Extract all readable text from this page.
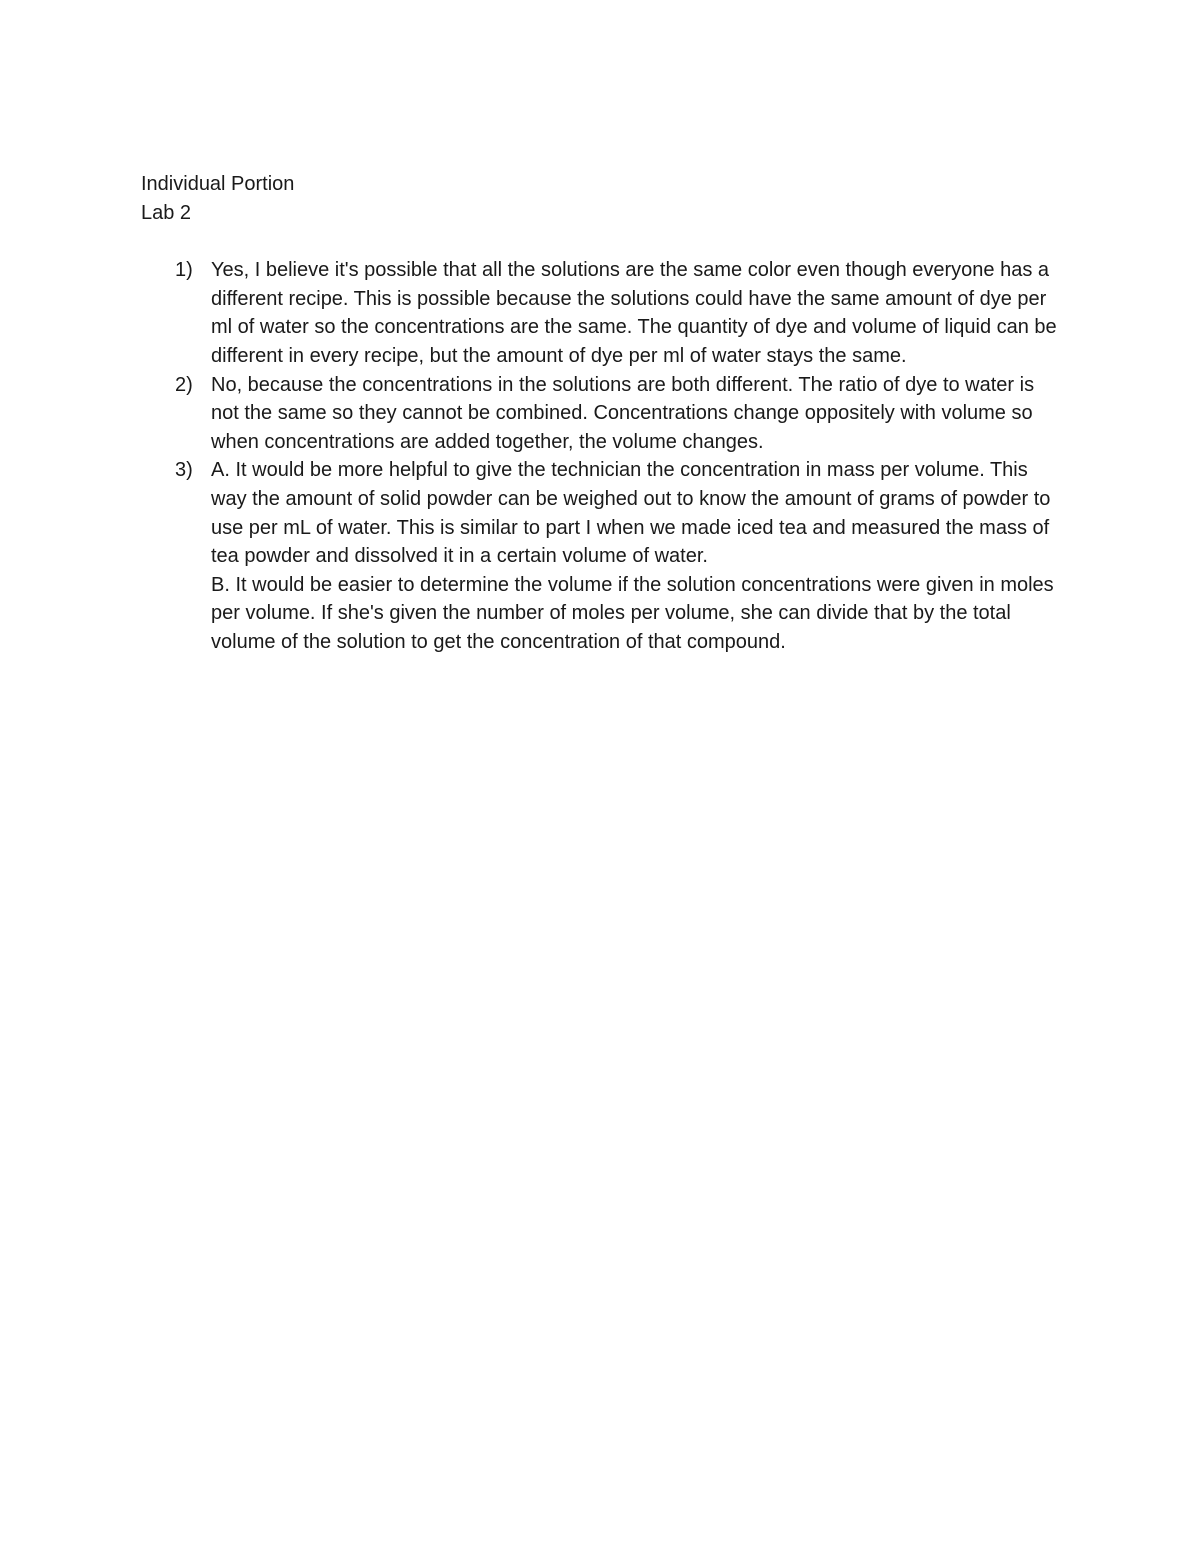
Individual Portion
Lab 2
1) Yes, I believe it's possible that all the solutions are the same color even though everyone has a different recipe. This is possible because the solutions could have the same amount of dye per ml of water so the concentrations are the same. The quantity of dye and volume of liquid can be different in every recipe, but the amount of dye per ml of water stays the same.
2) No, because the concentrations in the solutions are both different. The ratio of dye to water is not the same so they cannot be combined. Concentrations change oppositely with volume so when concentrations are added together, the volume changes.
3) A. It would be more helpful to give the technician the concentration in mass per volume. This way the amount of solid powder can be weighed out to know the amount of grams of powder to use per mL of water. This is similar to part I when we made iced tea and measured the mass of tea powder and dissolved it in a certain volume of water.
B. It would be easier to determine the volume if the solution concentrations were given in moles per volume. If she's given the number of moles per volume, she can divide that by the total volume of the solution to get the concentration of that compound.
